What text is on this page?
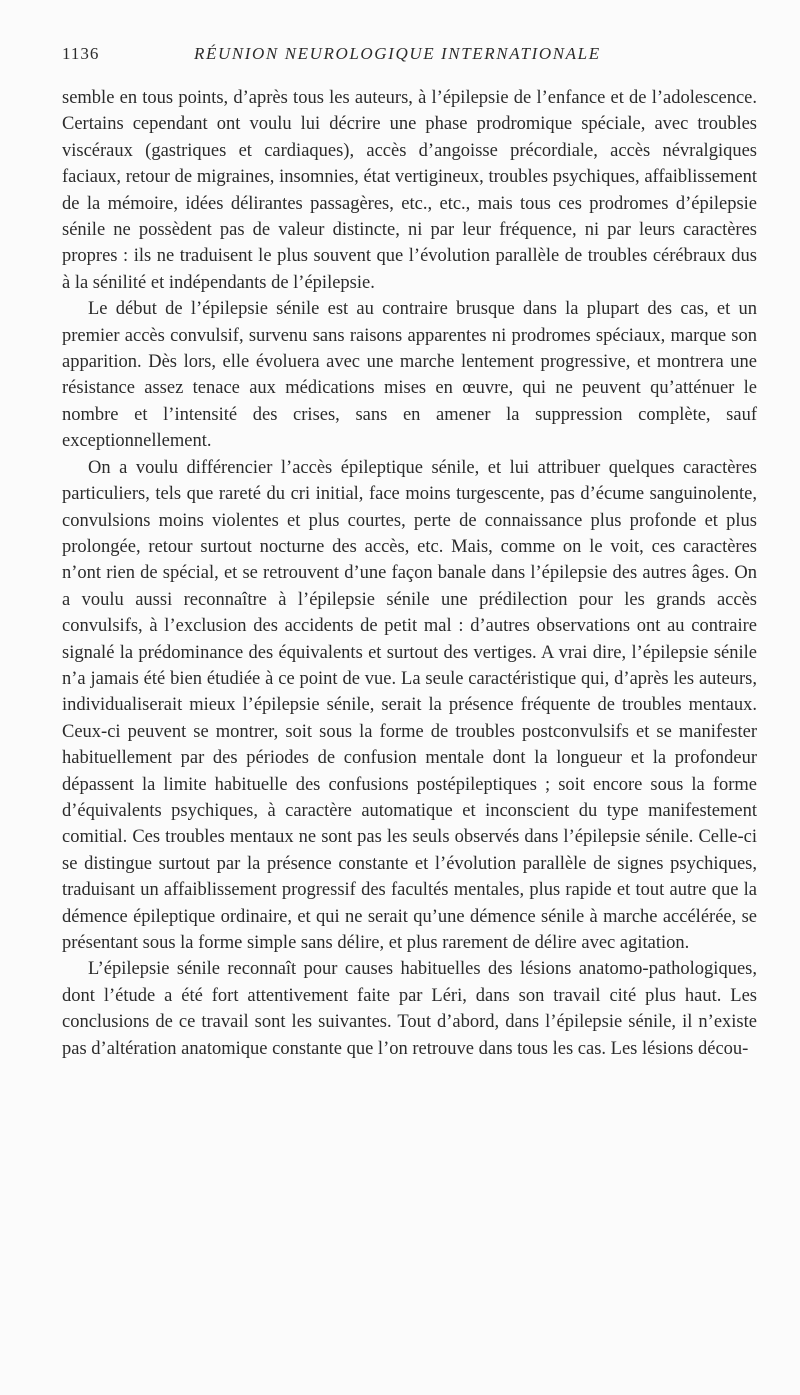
1136	RÉUNION NEUROLOGIQUE INTERNATIONALE

semble en tous points, d’après tous les auteurs, à l’épilepsie de l’enfance et de l’adolescence. Certains cependant ont voulu lui décrire une phase prodromique spéciale, avec troubles viscéraux (gastriques et cardiaques), accès d’angoisse précordiale, accès névralgiques faciaux, retour de migraines, insomnies, état vertigineux, troubles psychiques, affaiblissement de la mémoire, idées délirantes passagères, etc., etc., mais tous ces prodromes d’épilepsie sénile ne possèdent pas de valeur distincte, ni par leur fréquence, ni par leurs caractères propres : ils ne traduisent le plus souvent que l’évolution parallèle de troubles cérébraux dus à la sénilité et indépendants de l’épilepsie.

Le début de l’épilepsie sénile est au contraire brusque dans la plupart des cas, et un premier accès convulsif, survenu sans raisons apparentes ni prodromes spéciaux, marque son apparition. Dès lors, elle évoluera avec une marche lentement progressive, et montrera une résistance assez tenace aux médications mises en œuvre, qui ne peuvent qu’atténuer le nombre et l’intensité des crises, sans en amener la suppression complète, sauf exceptionnellement.

On a voulu différencier l’accès épileptique sénile, et lui attribuer quelques caractères particuliers, tels que rareté du cri initial, face moins turgescente, pas d’écume sanguinolente, convulsions moins violentes et plus courtes, perte de connaissance plus profonde et plus prolongée, retour surtout nocturne des accès, etc. Mais, comme on le voit, ces caractères n’ont rien de spécial, et se retrouvent d’une façon banale dans l’épilepsie des autres âges. On a voulu aussi reconnaître à l’épilepsie sénile une prédilection pour les grands accès convulsifs, à l’exclusion des accidents de petit mal : d’autres observations ont au contraire signalé la prédominance des équivalents et surtout des vertiges. A vrai dire, l’épilepsie sénile n’a jamais été bien étudiée à ce point de vue. La seule caractéristique qui, d’après les auteurs, individualiserait mieux l’épilepsie sénile, serait la présence fréquente de troubles mentaux. Ceux-ci peuvent se montrer, soit sous la forme de troubles postconvulsifs et se manifester habituellement par des périodes de confusion mentale dont la longueur et la profondeur dépassent la limite habituelle des confusions postépileptiques ; soit encore sous la forme d’équivalents psychiques, à caractère automatique et inconscient du type manifestement comitial. Ces troubles mentaux ne sont pas les seuls observés dans l’épilepsie sénile. Celle-ci se distingue surtout par la présence constante et l’évolution parallèle de signes psychiques, traduisant un affaiblissement progressif des facultés mentales, plus rapide et tout autre que la démence épileptique ordinaire, et qui ne serait qu’une démence sénile à marche accélérée, se présentant sous la forme simple sans délire, et plus rarement de délire avec agitation.

L’épilepsie sénile reconnaît pour causes habituelles des lésions anatomo-pathologiques, dont l’étude a été fort attentivement faite par Léri, dans son travail cité plus haut. Les conclusions de ce travail sont les suivantes. Tout d’abord, dans l’épilepsie sénile, il n’existe pas d’altération anatomique constante que l’on retrouve dans tous les cas. Les lésions décou-
